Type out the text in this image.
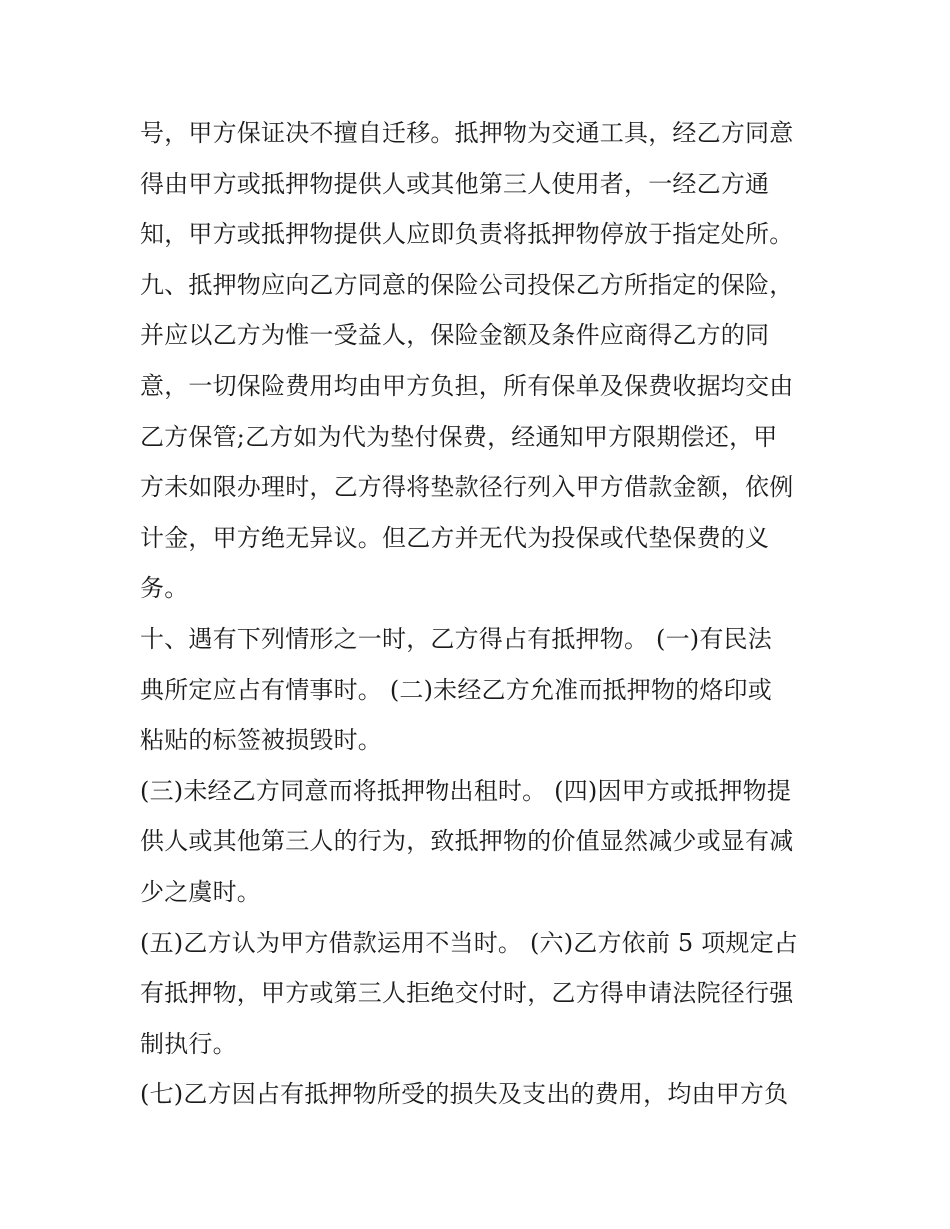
号，甲方保证决不擅自迁移。抵押物为交通工具，经乙方同意
得由甲方或抵押物提供人或其他第三人使用者，一经乙方通
知，甲方或抵押物提供人应即负责将抵押物停放于指定处所。
九、抵押物应向乙方同意的保险公司投保乙方所指定的保险，
并应以乙方为惟一受益人，保险金额及条件应商得乙方的同
意，一切保险费用均由甲方负担，所有保单及保费收据均交由
乙方保管;乙方如为代为垫付保费，经通知甲方限期偿还，甲
方未如限办理时，乙方得将垫款径行列入甲方借款金额，依例
计金，甲方绝无异议。但乙方并无代为投保或代垫保费的义
务。
十、遇有下列情形之一时，乙方得占有抵押物。 (一)有民法
典所定应占有情事时。 (二)未经乙方允准而抵押物的烙印或
粘贴的标签被损毁时。
(三)未经乙方同意而将抵押物出租时。 (四)因甲方或抵押物提
供人或其他第三人的行为，致抵押物的价值显然减少或显有减
少之虞时。
(五)乙方认为甲方借款运用不当时。 (六)乙方依前 5 项规定占
有抵押物，甲方或第三人拒绝交付时，乙方得申请法院径行强
制执行。
(七)乙方因占有抵押物所受的损失及支出的费用，均由甲方负
